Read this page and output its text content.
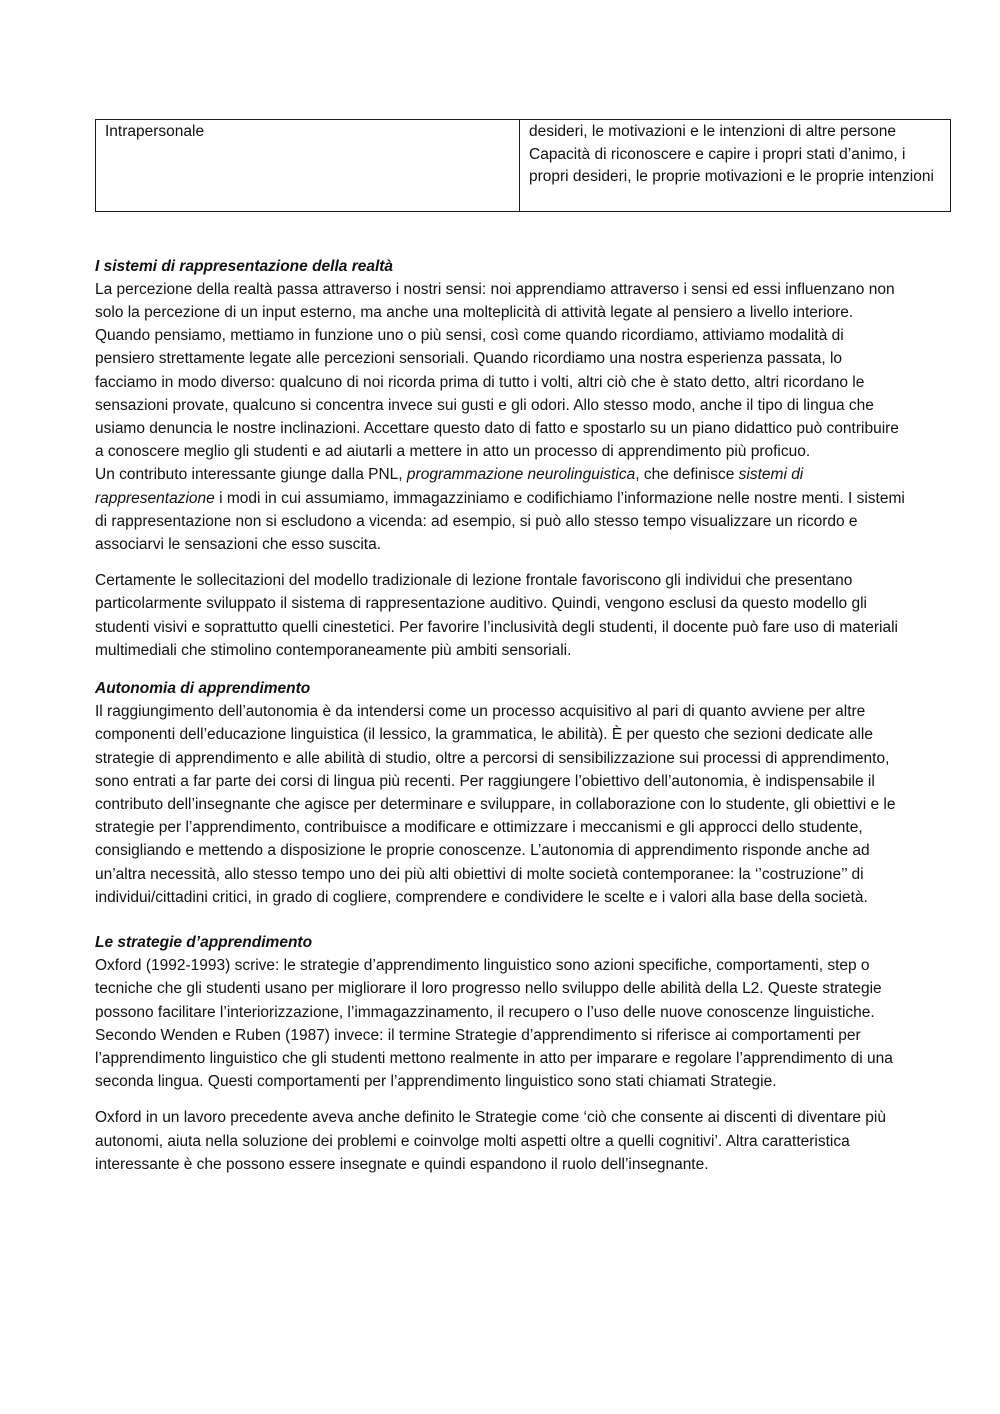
Intrapersonale	desideri, le motivazioni e le intenzioni di altre persone
Capacità di riconoscere e capire i propri stati d’animo, i propri desideri, le proprie motivazioni e le proprie intenzioni
I sistemi di rappresentazione della realtà
La percezione della realtà passa attraverso i nostri sensi: noi apprendiamo attraverso i sensi ed essi influenzano non solo la percezione di un input esterno, ma anche una molteplicità di attività legate al pensiero a livello interiore. Quando pensiamo, mettiamo in funzione uno o più sensi, così come quando ricordiamo, attiviamo modalità di pensiero strettamente legate alle percezioni sensoriali. Quando ricordiamo una nostra esperienza passata, lo facciamo in modo diverso: qualcuno di noi ricorda prima di tutto i volti, altri ciò che è stato detto, altri ricordano le sensazioni provate, qualcuno si concentra invece sui gusti e gli odori. Allo stesso modo, anche il tipo di lingua che usiamo denuncia le nostre inclinazioni. Accettare questo dato di fatto e spostarlo su un piano didattico può contribuire a conoscere meglio gli studenti e ad aiutarli a mettere in atto un processo di apprendimento più proficuo.
Un contributo interessante giunge dalla PNL, programmazione neurolinguistica, che definisce sistemi di rappresentazione i modi in cui assumiamo, immagazziniamo e codifichiamo l’informazione nelle nostre menti. I sistemi di rappresentazione non si escludono a vicenda: ad esempio, si può allo stesso tempo visualizzare un ricordo e associarvi le sensazioni che esso suscita.
Certamente le sollecitazioni del modello tradizionale di lezione frontale favoriscono gli individui che presentano particolarmente sviluppato il sistema di rappresentazione auditivo. Quindi, vengono esclusi da questo modello gli studenti visivi e soprattutto quelli cinestetici. Per favorire l’inclusività degli studenti, il docente può fare uso di materiali multimediali che stimolino contemporaneamente più ambiti sensoriali.
Autonomia di apprendimento
Il raggiungimento dell’autonomia è da intendersi come un processo acquisitivo al pari di quanto avviene per altre componenti dell’educazione linguistica (il lessico, la grammatica, le abilità). È per questo che sezioni dedicate alle strategie di apprendimento e alle abilità di studio, oltre a percorsi di sensibilizzazione sui processi di apprendimento, sono entrati a far parte dei corsi di lingua più recenti. Per raggiungere l’obiettivo dell’autonomia, è indispensabile il contributo dell’insegnante che agisce per determinare e sviluppare, in collaborazione con lo studente, gli obiettivi e le strategie per l’apprendimento, contribuisce a modificare e ottimizzare i meccanismi e gli approcci dello studente, consigliando e mettendo a disposizione le proprie conoscenze. L’autonomia di apprendimento risponde anche ad un’altra necessità, allo stesso tempo uno dei più alti obiettivi di molte società contemporanee: la ‘’costruzione’’ di individui/cittadini critici, in grado di cogliere, comprendere e condividere le scelte e i valori alla base della società.
Le strategie d’apprendimento
Oxford (1992-1993) scrive: le strategie d’apprendimento linguistico sono azioni specifiche, comportamenti, step o tecniche che gli studenti usano per migliorare il loro progresso nello sviluppo delle abilità della L2. Queste strategie possono facilitare l’interiorizzazione, l’immagazzinamento, il recupero o l’uso delle nuove conoscenze linguistiche.
Secondo Wenden e Ruben (1987) invece: il termine Strategie d’apprendimento si riferisce ai comportamenti per l’apprendimento linguistico che gli studenti mettono realmente in atto per imparare e regolare l’apprendimento di una seconda lingua. Questi comportamenti per l’apprendimento linguistico sono stati chiamati Strategie.
Oxford in un lavoro precedente aveva anche definito le Strategie come ‘ciò che consente ai discenti di diventare più autonomi, aiuta nella soluzione dei problemi e coinvolge molti aspetti oltre a quelli cognitivi’. Altra caratteristica interessante è che possono essere insegnate e quindi espandono il ruolo dell’insegnante.
